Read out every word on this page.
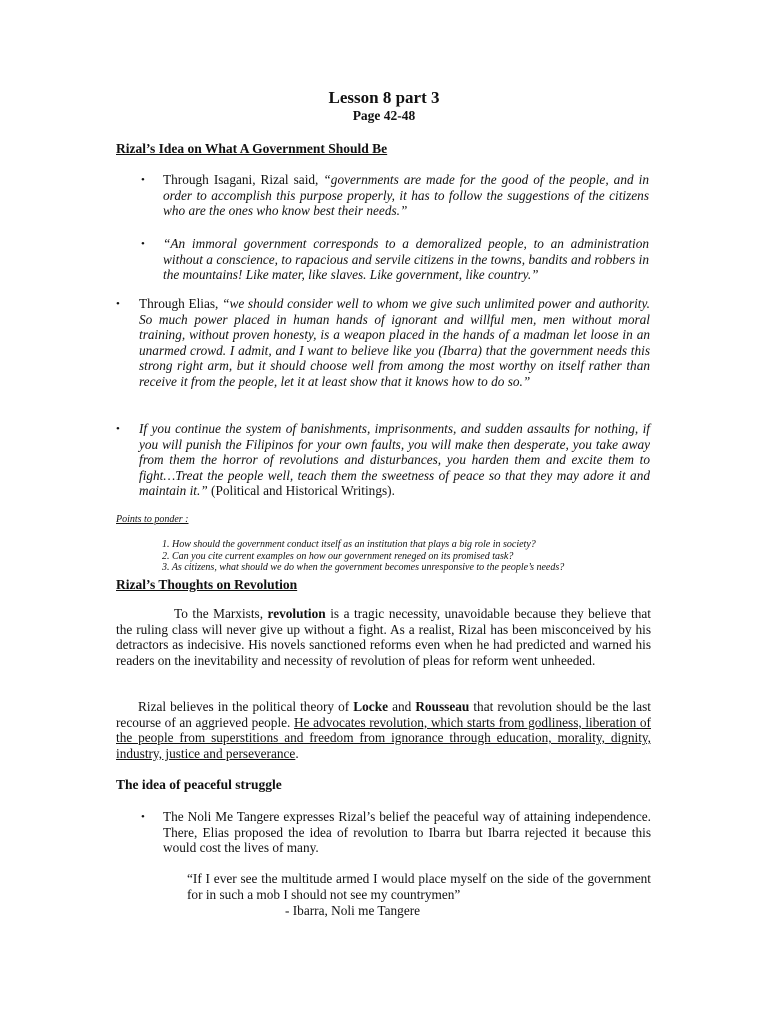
Lesson 8 part 3
Page 42-48
Rizal’s Idea on What A Government Should Be
• Through Isagani, Rizal said, “governments are made for the good of the people, and in order to accomplish this purpose properly, it has to follow the suggestions of the citizens who are the ones who know best their needs.”
• “An immoral government corresponds to a demoralized people, to an administration without a conscience, to rapacious and servile citizens in the towns, bandits and robbers in the mountains! Like mater, like slaves. Like government, like country.”
• Through Elias, “we should consider well to whom we give such unlimited power and authority. So much power placed in human hands of ignorant and willful men, men without moral training, without proven honesty, is a weapon placed in the hands of a madman let loose in an unarmed crowd. I admit, and I want to believe like you (Ibarra) that the government needs this strong right arm, but it should choose well from among the most worthy on itself rather than receive it from the people, let it at least show that it knows how to do so.”
• If you continue the system of banishments, imprisonments, and sudden assaults for nothing, if you will punish the Filipinos for your own faults, you will make then desperate, you take away from them the horror of revolutions and disturbances, you harden them and excite them to fight…Treat the people well, teach them the sweetness of peace so that they may adore it and maintain it.” (Political and Historical Writings).
Points to ponder :
1. How should the government conduct itself as an institution that plays a big role in society?
2. Can you cite current examples on how our government reneged on its promised task?
3. As citizens, what should we do when the government becomes unresponsive to the people’s needs?
Rizal’s Thoughts on Revolution
To the Marxists, revolution is a tragic necessity, unavoidable because they believe that the ruling class will never give up without a fight. As a realist, Rizal has been misconceived by his detractors as indecisive. His novels sanctioned reforms even when he had predicted and warned his readers on the inevitability and necessity of revolution of pleas for reform went unheeded.
Rizal believes in the political theory of Locke and Rousseau that revolution should be the last recourse of an aggrieved people. He advocates revolution, which starts from godliness, liberation of the people from superstitions and freedom from ignorance through education, morality, dignity, industry, justice and perseverance.
The idea of peaceful struggle
• The Noli Me Tangere expresses Rizal’s belief the peaceful way of attaining independence. There, Elias proposed the idea of revolution to Ibarra but Ibarra rejected it because this would cost the lives of many.
“If I ever see the multitude armed I would place myself on the side of the government for in such a mob I should not see my countrymen”
- Ibarra, Noli me Tangere
